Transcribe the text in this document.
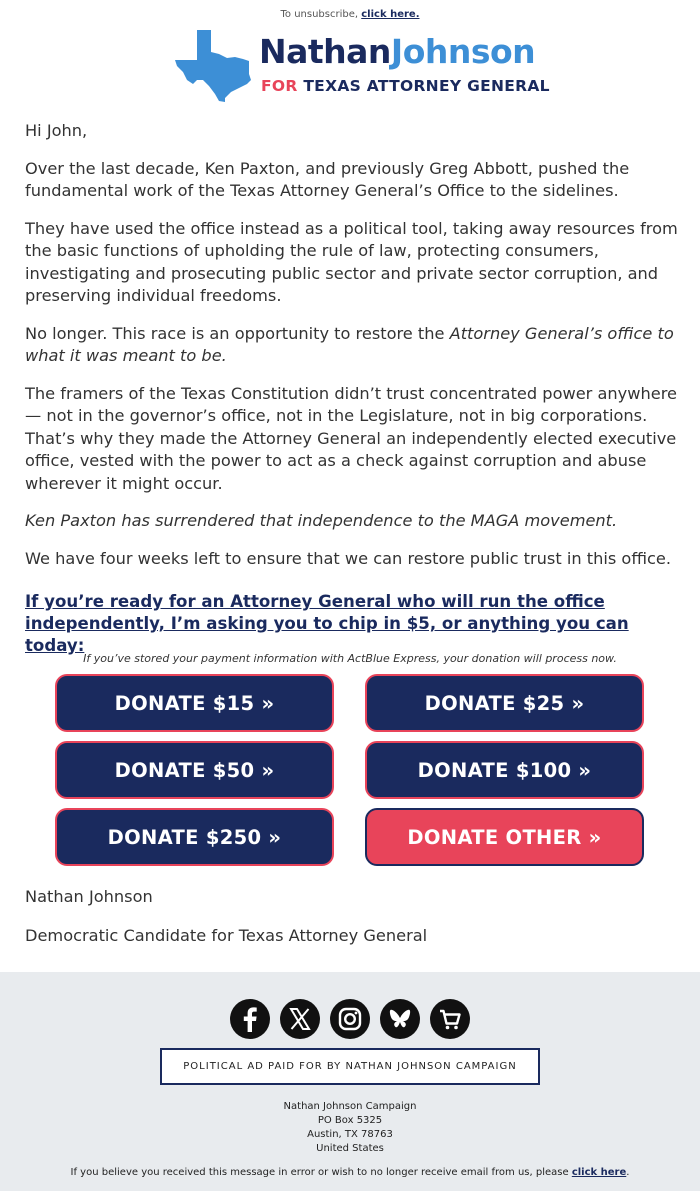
To unsubscribe, click here.
NathanJohnson
FOR TEXAS ATTORNEY GENERAL

Hi John,

Over the last decade, Ken Paxton, and previously Greg Abbott, pushed the fundamental work of the Texas Attorney General’s Office to the sidelines.

They have used the office instead as a political tool, taking away resources from the basic functions of upholding the rule of law, protecting consumers, investigating and prosecuting public sector and private sector corruption, and preserving individual freedoms.

No longer. This race is an opportunity to restore the Attorney General’s office to what it was meant to be.

The framers of the Texas Constitution didn’t trust concentrated power anywhere — not in the governor’s office, not in the Legislature, not in big corporations. That’s why they made the Attorney General an independently elected executive office, vested with the power to act as a check against corruption and abuse wherever it might occur.

Ken Paxton has surrendered that independence to the MAGA movement.

We have four weeks left to ensure that we can restore public trust in this office.

If you’re ready for an Attorney General who will run the office independently, I’m asking you to chip in $5, or anything you can today:
If you’ve stored your payment information with ActBlue Express, your donation will process now.
DONATE $15 »	DONATE $25 »
DONATE $50 »	DONATE $100 »
DONATE $250 »	DONATE OTHER »
Nathan Johnson
Democratic Candidate for Texas Attorney General
POLITICAL AD PAID FOR BY NATHAN JOHNSON CAMPAIGN
Nathan Johnson Campaign
PO Box 5325
Austin, TX 78763
United States
If you believe you received this message in error or wish to no longer receive email from us, please click here.
